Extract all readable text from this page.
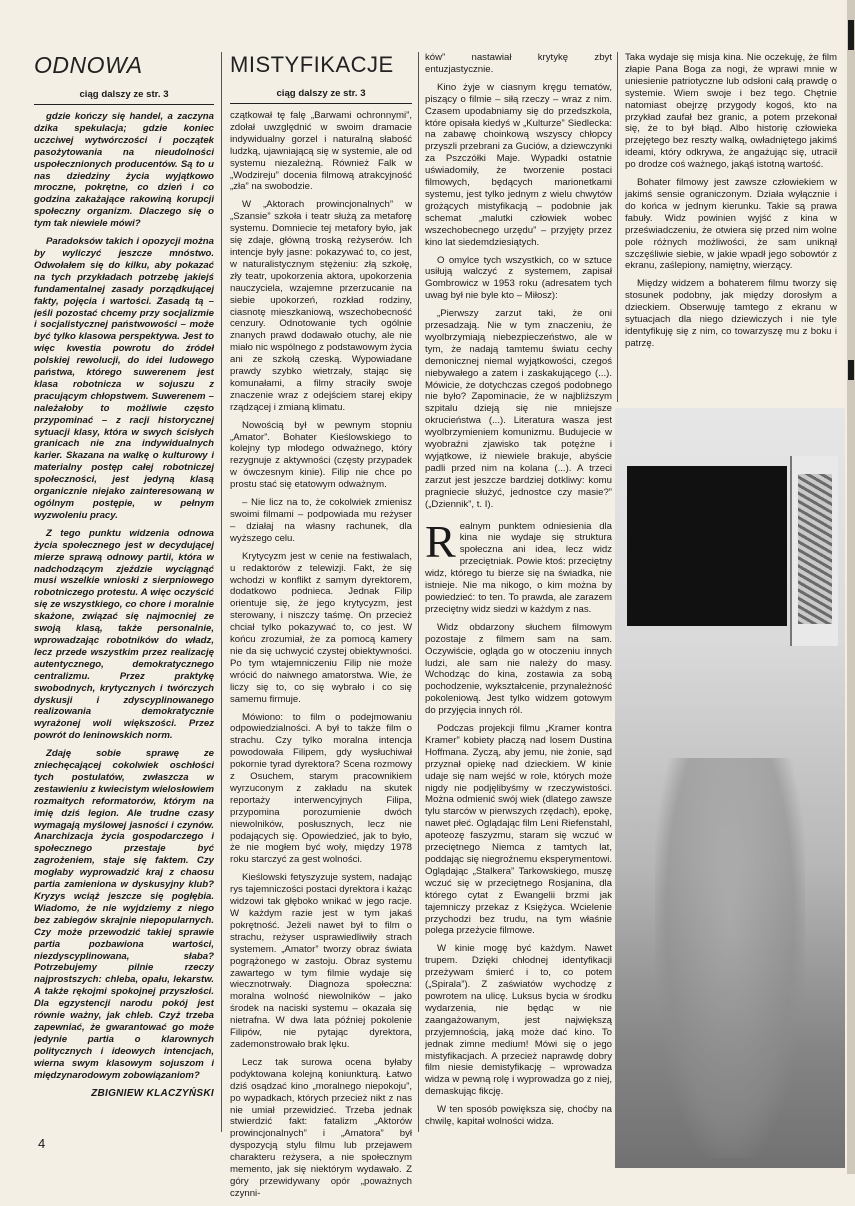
ODNOWA
ciąg dalszy ze str. 3

gdzie kończy się handel, a zaczyna dzika spekulacja; gdzie koniec uczciwej wytwórczości i początek pasożytowania na nieudolności uspołecznionych producentów. Są to u nas dziedziny życia wyjątkowo mroczne, pokrętne, co dzień i co godzina zakażające rakowiną korupcji społeczny organizm. Dlaczego się o tym tak niewiele mówi?

Paradoksów takich i opozycji można by wyliczyć jeszcze mnóstwo. Odwołałem się do kilku, aby pokazać na tych przykładach potrzebę jakiejś fundamentalnej zasady porządkującej fakty, pojęcia i wartości. Zasadą tą – jeśli pozostać chcemy przy socjalizmie i socjalistycznej państwowości – może być tylko klasowa perspektywa. Jest to więc kwestia powrotu do źródeł polskiej rewolucji, do idei ludowego państwa, którego suwerenem jest klasa robotnicza w sojuszu z pracującym chłopstwem. Suwerenem – należałoby to możliwie często przypominać – z racji historycznej sytuacji klasy, która w swych ścisłych granicach nie zna indywidualnych karier. Skazana na walkę o kulturowy i materialny postęp całej robotniczej społeczności, jest jedyną klasą organicznie niejako zainteresowaną w ogólnym postępie, w pełnym wyzwoleniu pracy.

Z tego punktu widzenia odnowa życia społecznego jest w decydującej mierze sprawą odnowy partii, która w nadchodzącym zjeździe wyciągnąć musi wszelkie wnioski z sierpniowego robotniczego protestu. A więc oczyścić się ze wszystkiego, co chore i moralnie skażone, związać się najmocniej ze swoją klasą, także personalnie, wprowadzając robotników do władz, lecz przede wszystkim przez realizację autentycznego, demokratycznego centralizmu. Przez praktykę swobodnych, krytycznych i twórczych dyskusji i zdyscyplinowanego realizowania demokratycznie wyrażonej woli większości. Przez powrót do leninowskich norm.

Zdaję sobie sprawę ze zniechęcającej cokolwiek oschłości tych postulatów, zwłaszcza w zestawieniu z kwiecistym wielosłowiem rozmaitych reformatorów, którym na imię dziś legion. Ale trudne czasy wymagają myślowej jasności i czynów. Anarchizacja życia gospodarczego i społecznego przestaje być zagrożeniem, staje się faktem. Czy mogłaby wyprowadzić kraj z chaosu partia zamieniona w dyskusyjny klub? Kryzys wciąż jeszcze się pogłębia. Wiadomo, że nie wyjdziemy z niego bez zabiegów skrajnie niepopularnych. Czy może przewodzić takiej sprawie partia pozbawiona wartości, niezdyscyplinowana, słaba? Potrzebujemy pilnie rzeczy najprostszych: chleba, opału, lekarstw. A także rękojmi spokojnej przyszłości. Dla egzystencji narodu pokój jest równie ważny, jak chleb. Czyż trzeba zapewniać, że gwarantować go może jedynie partia o klarownych politycznych i ideowych intencjach, wierna swym klasowym sojuszom i międzynarodowym zobowiązaniom?

ZBIGNIEW KLACZYŃSKI
MISTYFIKACJE
ciąg dalszy ze str. 3

czątkował tę falę „Barwami ochronnymi”, zdołał uwzględnić w swoim dramacie indywidualny gorzel i naturalną słabość ludzką, ujawniającą się w systemie, ale od systemu niezależną. Również Falk w „Wodzireju” docenia filmową atrakcyjność „zła” na swobodzie.

W „Aktorach prowincjonalnych” w „Szansie” szkoła i teatr służą za metaforę systemu. Domniecie tej metafory było, jak się zdaje, główną troską reżyserów. Ich intencje były jasne: pokazywać to, co jest, w naturalistycznym stężeniu: złą szkołę, zły teatr, upokorzenia aktora, upokorzenia nauczyciela, wzajemne przerzucanie na siebie upokorzeń, rozkład rodziny, ciasnotę mieszkaniową, wszechobecność cenzury. Odnotowanie tych ogólnie znanych prawd dodawało otuchy, ale nie miało nic wspólnego z podstawowym życia ani ze szkołą czeską. Wypowiadane prawdy szybko wietrzały, stając się komunałami, a filmy straciły swoje znaczenie wraz z odejściem starej ekipy rządzącej i zmianą klimatu.

Nowością był w pewnym stopniu „Amator”. Bohater Kieślowskiego to kolejny typ młodego odważnego, który rezygnuje z aktywności (częsty przypadek w ówczesnym kinie). Filip nie chce po prostu stać się etatowym odważnym.

– Nie licz na to, że cokolwiek zmienisz swoimi filmami – podpowiada mu reżyser – działaj na własny rachunek, dla wyższego celu.

Krytycyzm jest w cenie na festiwalach, u redaktorów z telewizji. Fakt, że się wchodzi w konflikt z samym dyrektorem, dodatkowo podnieca. Jednak Filip orientuje się, że jego krytycyzm, jest sterowany, i niszczy taśmę. On przecież chciał tylko pokazywać to, co jest. W końcu zrozumiał, że za pomocą kamery nie da się uchwycić czystej obiektywności. Po tym wtajemniczeniu Filip nie może wrócić do naiwnego amatorstwa. Wie, że liczy się to, co się wybrało i co się samemu firmuje.

Mówiono: to film o podejmowaniu odpowiedzialności. A był to także film o strachu. Czy tylko moralna intencja powodowała Filipem, gdy wysłuchiwał pokornie tyrad dyrektora? Scena rozmowy z Osuchem, starym pracownikiem wyrzuconym z zakładu na skutek reportaży interwencyjnych Filipa, przypomina porozumienie dwóch niewolników, posłusznych, lecz nie podających się. Opowiedzieć, jak to było, że nie mogłem być woły, między 1978 roku starczyć za gest wolności.

Kieślowski fetyszyzuje system, nadając rys tajemniczości postaci dyrektora i każąc widzowi tak głęboko wnikać w jego racje. W każdym razie jest w tym jakaś pokrętność. Jeżeli nawet był to film o strachu, reżyser usprawiedliwiły strach systemem. „Amator” tworzy obraz świata pogrążonego w zastoju. Obraz systemu zawartego w tym filmie wydaje się wiecznotrwały. Diagnoza społeczna: moralna wolność niewolników – jako środek na naciski systemu – okazała się nietrafna. W dwa lata później pokolenie Filipów, nie pytając dyrektora, zademonstrowało brak lęku.

Lecz tak surowa ocena byłaby podyktowana kolejną koniunkturą. Łatwo dziś osądzać kino „moralnego niepokoju”, po wypadkach, których przecież nikt z nas nie umiał przewidzieć. Trzeba jednak stwierdzić fakt: fatalizm „Aktorów prowincjonalnych” i „Amatora” był dyspozycją stylu filmu lub przejawem charakteru reżysera, a nie społecznym memento, jak się niektórym wydawało. Z góry przewidywany opór „poważnych czynni-

ków” nastawiał krytykę zbyt entuzjastycznie.

Kino żyje w ciasnym kręgu tematów, piszący o filmie – siłą rzeczy – wraz z nim. Czasem upodabniamy się do przedszkola, które opisała kiedyś w „Kulturze” Siedlecka: na zabawę choinkową wszyscy chłopcy przyszli przebrani za Guciów, a dziewczynki za Pszczółki Maje. Wypadki ostatnie uświadomiły, że tworzenie postaci filmowych, będących marionetkami systemu, jest tylko jednym z wielu chwytów grożących mistyfikacją – podobnie jak schemat „malutki człowiek wobec wszechobecnego urzędu” – przyjęty przez kino lat siedemdziesiątych.

O omylce tych wszystkich, co w sztuce usiłują walczyć z systemem, zapisał Gombrowicz w 1953 roku (adresatem tych uwag był nie byle kto – Miłosz):

„Pierwszy zarzut taki, że oni przesadzają. Nie w tym znaczeniu, że wyolbrzymiają niebezpieczeństwo, ale w tym, że nadają tamtemu światu cechy demonicznej niemal wyjątkowości, czegoś niebywałego a zatem i zaskakującego (...). Mówicie, że dotychczas czegoś podobnego nie było? Zapominacie, że w najbliższym szpitalu dzieją się nie mniejsze okrucieństwa (...). Literatura wasza jest wyolbrzymieniem komunizmu. Budujecie w wyobraźni zjawisko tak potężne i wyjątkowe, iż niewiele brakuje, abyście padli przed nim na kolana (...). A trzeci zarzut jest jeszcze bardziej dotkliwy: komu pragniecie służyć, jednostce czy masie?” („Dziennik”, t. I).

Realnym punktem odniesienia dla kina nie wydaje się struktura społeczna ani idea, lecz widz przeciętniak. Powie ktoś: przeciętny widz, którego tu bierze się na świadka, nie istnieje. Nie ma nikogo, o kim można by powiedzieć: to ten. To prawda, ale zarazem przeciętny widz siedzi w każdym z nas.

Widz obdarzony słuchem filmowym pozostaje z filmem sam na sam. Oczywiście, ogląda go w otoczeniu innych ludzi, ale sam nie należy do masy. Wchodząc do kina, zostawia za sobą pochodzenie, wykształcenie, przynależność pokoleniową. Jest tylko widzem gotowym do przyjęcia innych ról.

Podczas projekcji filmu „Kramer kontra Kramer” kobiety płaczą nad losem Dustina Hoffmana. Zyczą, aby jemu, nie żonie, sąd przyznał opiekę nad dzieckiem. W kinie udaje się nam wejść w role, których może nigdy nie podjęlibyśmy w rzeczywistości. Można odmienić swój wiek (dlatego zawsze tylu starców w pierwszych rzędach), epokę, nawet płeć. Oglądając film Leni Riefenstahl, apoteozę faszyzmu, staram się wczuć w przeciętnego Niemca z tamtych lat, poddając się niegroźnemu eksperymentowi. Oglądając „Stalkera” Tarkowskiego, muszę wczuć się w przeciętnego Rosjanina, dla którego cytat z Ewangelii brzmi jak tajemniczy przekaz z Księżyca. Wcielenie przychodzi bez trudu, na tym właśnie polega przeżycie filmowe.

W kinie mogę być każdym. Nawet trupem. Dzięki chłodnej identyfikacji przeżywam śmierć i to, co potem („Spirala”). Z zaświatów wychodzę z powrotem na ulicę. Luksus bycia w środku wydarzenia, nie będąc w nie zaangażowanym, jest największą przyjemnością, jaką może dać kino. To jednak zimne medium! Mówi się o jego mistyfikacjach. A przecież naprawdę dobry film niesie demistyfikację – wprowadza widza w pewną rolę i wyprowadza go z niej, demaskując fikcję.

W ten sposób powiększa się, choćby na chwilę, kapitał wolności widza.

Taka wydaje się misja kina. Nie oczekuję, że film złapie Pana Boga za nogi, że wprawi mnie w uniesienie patriotyczne lub odsłoni całą prawdę o systemie. Wiem swoje i bez tego. Chętnie natomiast obejrzę przygody kogoś, kto na przykład zaufał bez granic, a potem przekonał się, że to był błąd. Albo historię człowieka przejętego bez reszty walką, owładniętego jakimś ideami, który odkrywa, że angażując się, utracił po drodze coś ważnego, jakąś istotną wartość.

Bohater filmowy jest zawsze człowiekiem w jakimś sensie ograniczonym. Działa wyłącznie i do końca w jednym kierunku. Takie są prawa fabuły. Widz powinien wyjść z kina w przeświadczeniu, że otwiera się przed nim wolne pole różnych możliwości, że sam uniknął szczęśliwie siebie, w jakie wpadł jego sobowtór z ekranu, zaślepiony, namiętny, wierzący.

Między widzem a bohaterem filmu tworzy się stosunek podobny, jak między dorosłym a dzieckiem. Obserwuję tamtego z ekranu w sytuacjach dla niego dziewiczych i nie tyle identyfikuję się z nim, co towarzyszę mu z boku i patrzę.

4
